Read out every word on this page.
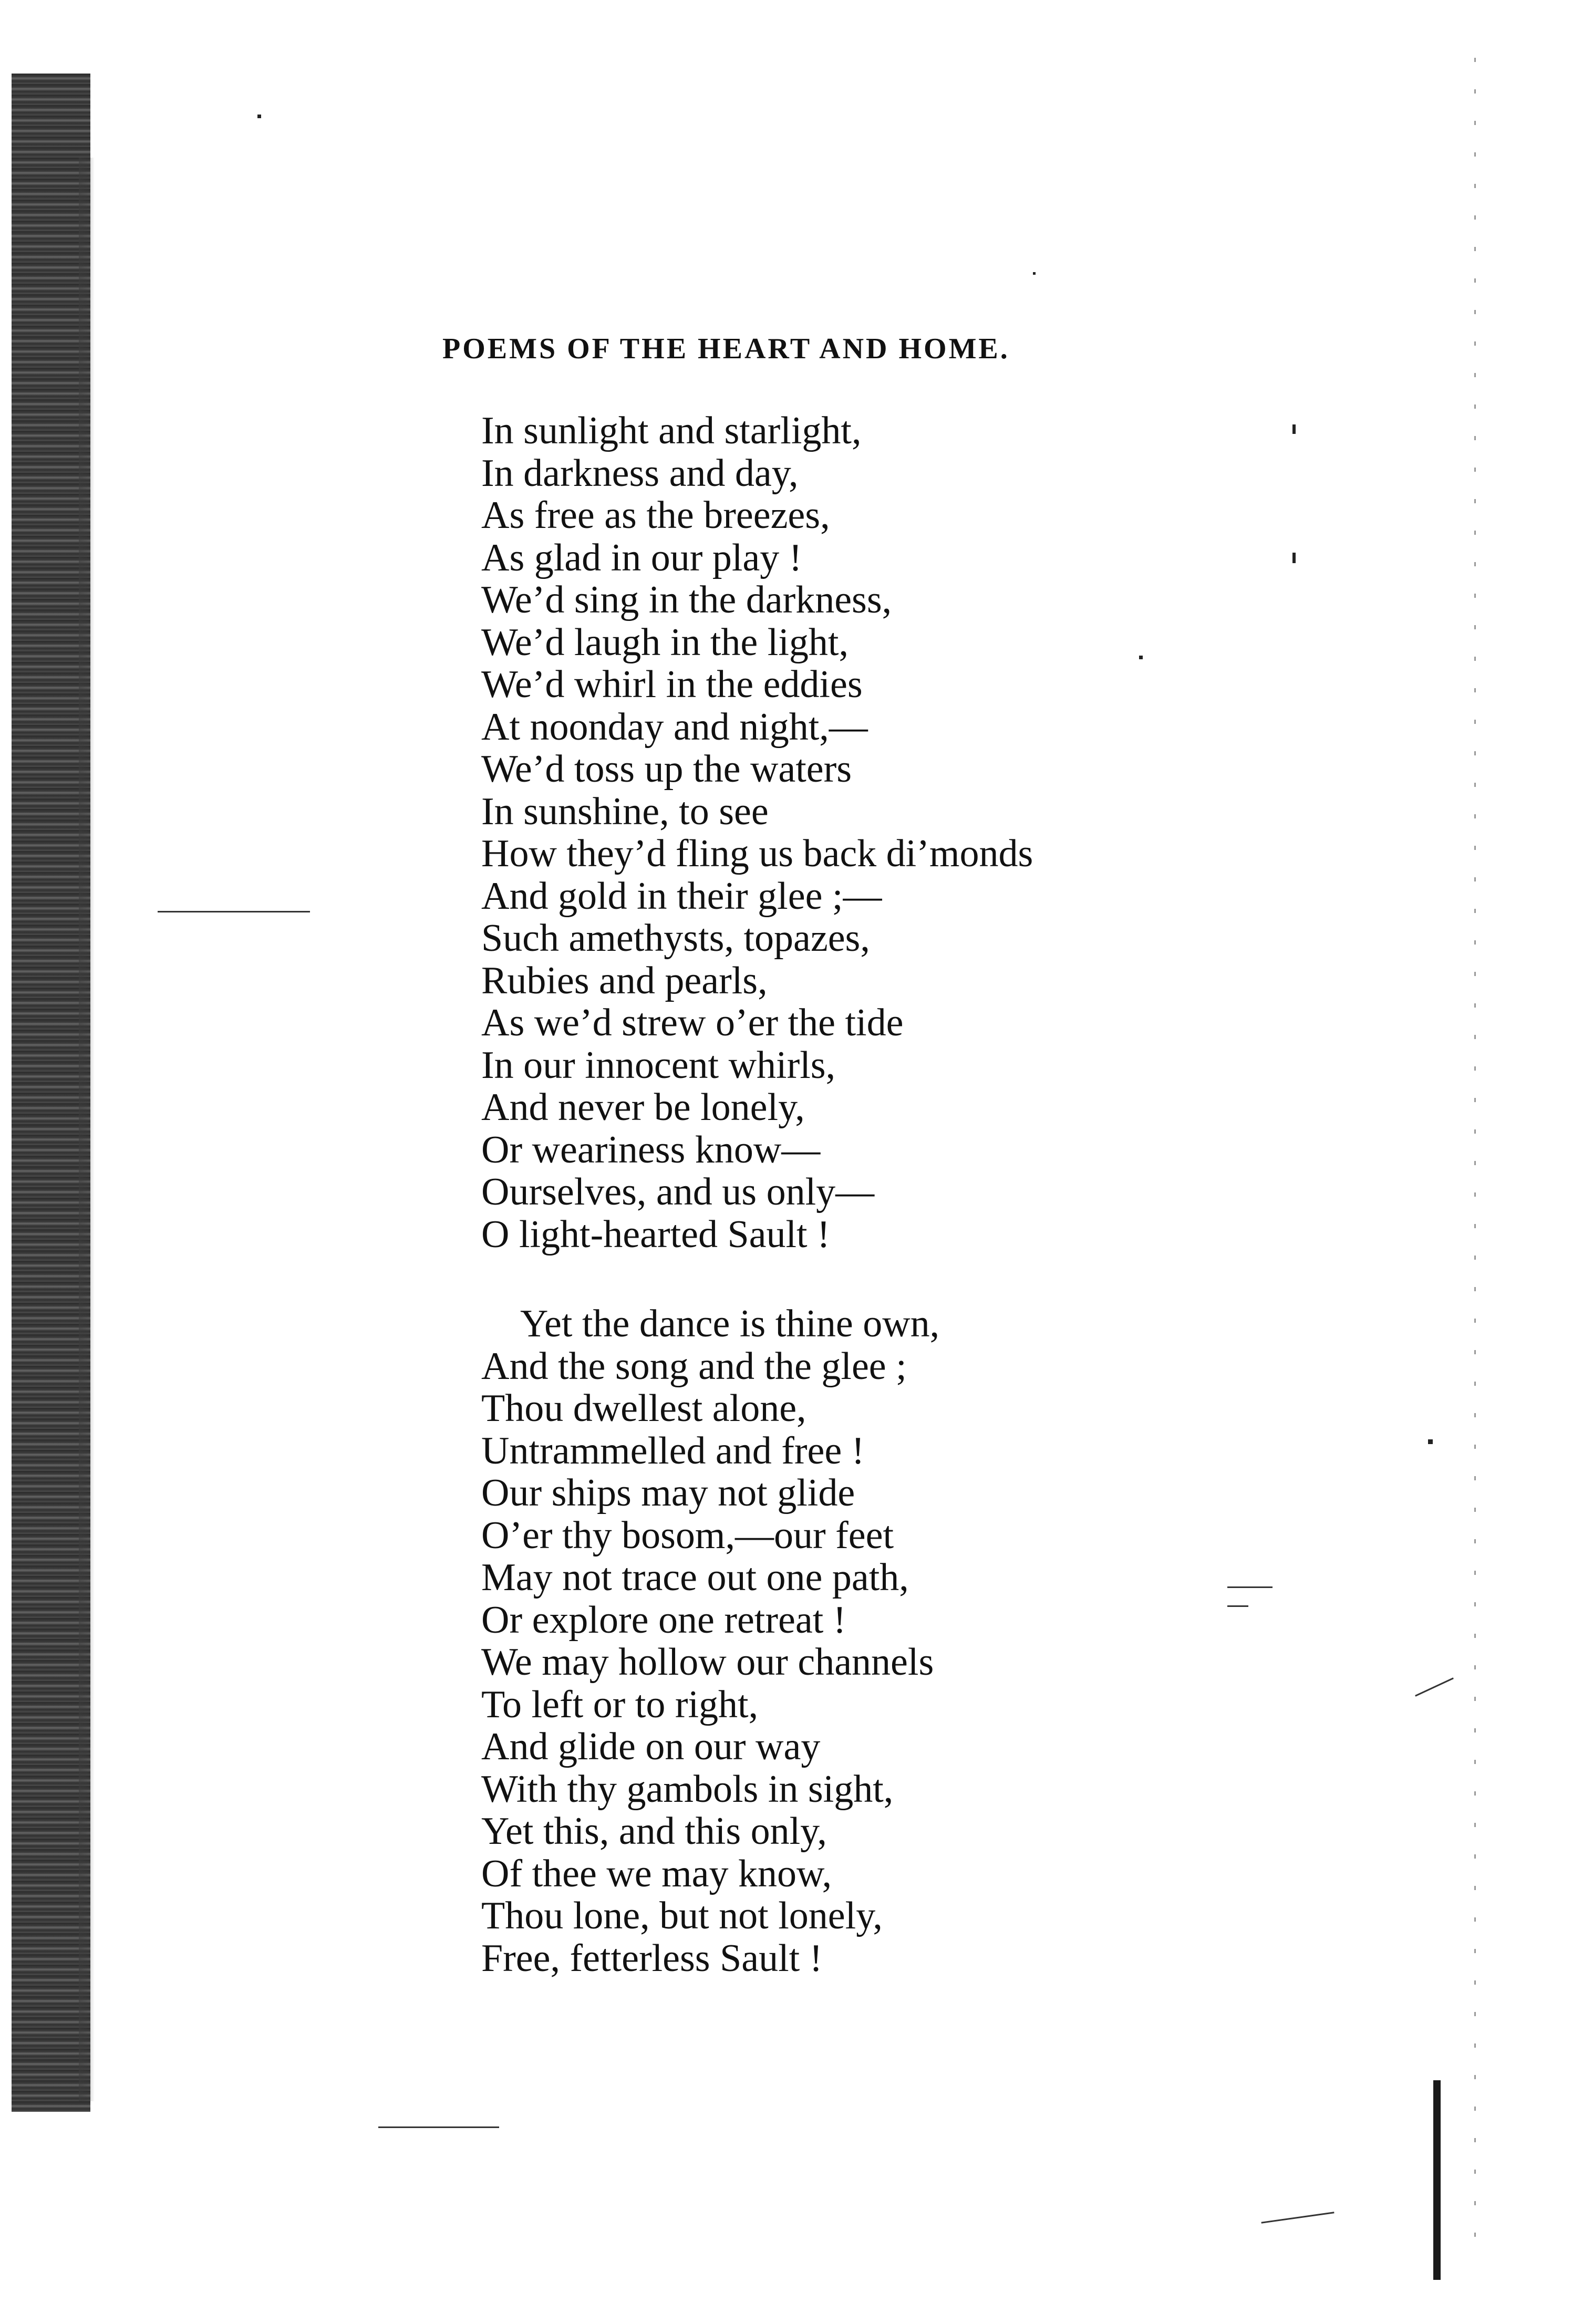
POEMS OF THE HEART AND HOME.
In sunlight and starlight,
In darkness and day,
As free as the breezes,
As glad in our play !
We’d sing in the darkness,
We’d laugh in the light,
We’d whirl in the eddies
At noonday and night,—
We’d toss up the waters
In sunshine, to see
How they’d fling us back di’monds
And gold in their glee ;—
Such amethysts, topazes,
Rubies and pearls,
As we’d strew o’er the tide
In our innocent whirls,
And never be lonely,
Or weariness know—
Ourselves, and us only—
O light-hearted Sault !
Yet the dance is thine own,
And the song and the glee ;
Thou dwellest alone,
Untrammelled and free !
Our ships may not glide
O’er thy bosom,—our feet
May not trace out one path,
Or explore one retreat !
We may hollow our channels
To left or to right,
And glide on our way
With thy gambols in sight,
Yet this, and this only,
Of thee we may know,
Thou lone, but not lonely,
Free, fetterless Sault !
